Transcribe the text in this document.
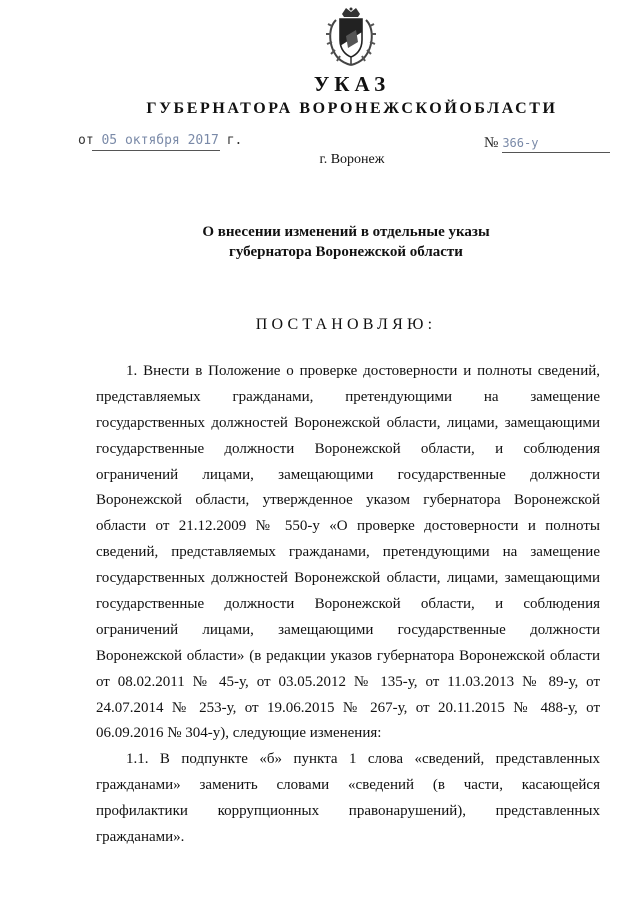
УКАЗ
ГУБЕРНАТОРА ВОРОНЕЖСКОЙОБЛАСТИ
от 05 октября 2017 г.	№ 366-у
г. Воронеж
О внесении изменений в отдельные указы
губернатора Воронежской области
ПОСТАНОВЛЯЮ:
1. Внести в Положение о проверке достоверности и полноты сведений,
представляемых гражданами, претендующими на замещение
государственных должностей Воронежской области, лицами, замещающими
государственные должности Воронежской области, и соблюдения
ограничений лицами, замещающими государственные должности
Воронежской области, утвержденное указом губернатора Воронежской
области от 21.12.2009 № 550-у «О проверке достоверности и полноты
сведений, представляемых гражданами, претендующими на замещение
государственных должностей Воронежской области, лицами, замещающими
государственные должности Воронежской области, и соблюдения
ограничений лицами, замещающими государственные должности
Воронежской области» (в редакции указов губернатора Воронежской области
от 08.02.2011 № 45-у, от 03.05.2012 № 135-у, от 11.03.2013 № 89-у, от
24.07.2014 № 253-у, от 19.06.2015 № 267-у, от 20.11.2015 № 488-у, от
06.09.2016 № 304-у), следующие изменения:
1.1. В подпункте «б» пункта 1 слова «сведений, представленных
гражданами» заменить словами «сведений (в части, касающейся
профилактики коррупционных правонарушений), представленных
гражданами».
